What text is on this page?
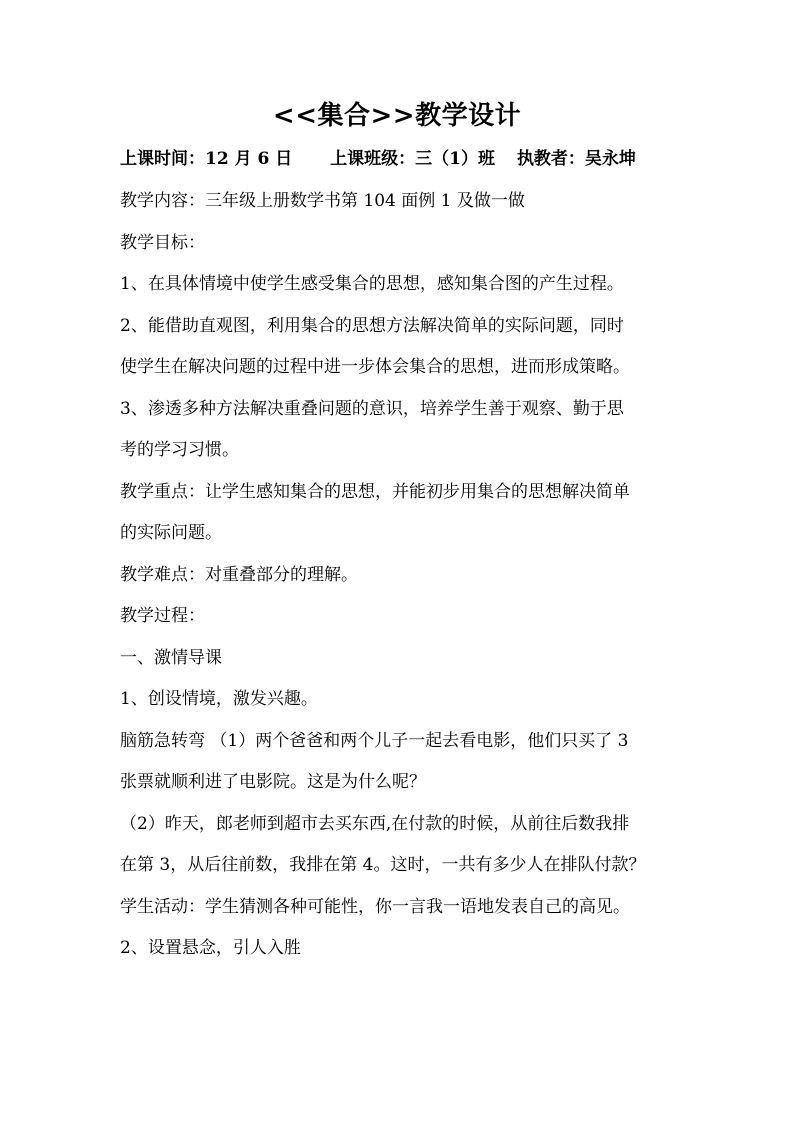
<<集合>>教学设计
上课时间：12 月 6 日 上课班级：三（1）班 执教者：吴永坤
教学内容：三年级上册数学书第 104 面例 1 及做一做
教学目标：
1、在具体情境中使学生感受集合的思想，感知集合图的产生过程。
2、能借助直观图，利用集合的思想方法解决简单的实际问题，同时
使学生在解决问题的过程中进一步体会集合的思想，进而形成策略。
3、渗透多种方法解决重叠问题的意识，培养学生善于观察、勤于思
考的学习习惯。
教学重点：让学生感知集合的思想，并能初步用集合的思想解决简单
的实际问题。
教学难点：对重叠部分的理解。
教学过程：
一、激情导课
1、创设情境，激发兴趣。
脑筋急转弯 （1）两个爸爸和两个儿子一起去看电影，他们只买了 3
张票就顺利进了电影院。这是为什么呢？
（2）昨天，郎老师到超市去买东西,在付款的时候，从前往后数我排
在第 3，从后往前数，我排在第 4。这时，一共有多少人在排队付款？
学生活动：学生猜测各种可能性，你一言我一语地发表自己的高见。
2、设置悬念，引人入胜
